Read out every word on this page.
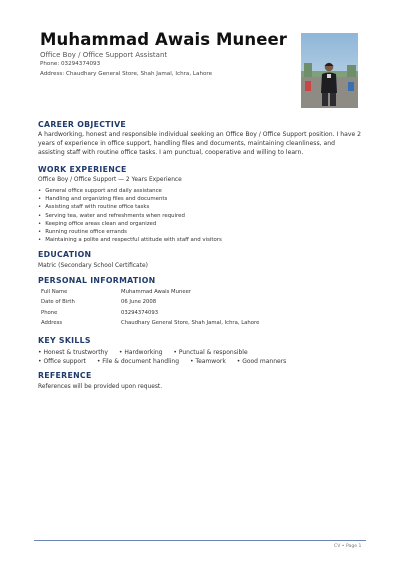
Muhammad Awais Muneer
Office Boy / Office Support Assistant
Phone: 03294374093
Address: Chaudhary General Store, Shah Jamal, Ichra, Lahore
CAREER OBJECTIVE
A hardworking, honest and responsible individual seeking an Office Boy / Office Support position. I have 2 years of experience in office support, handling files and documents, maintaining cleanliness, and assisting staff with routine office tasks. I am punctual, cooperative and willing to learn.
WORK EXPERIENCE
Office Boy / Office Support — 2 Years Experience
• General office support and daily assistance
• Handling and organizing files and documents
• Assisting staff with routine office tasks
• Serving tea, water and refreshments when required
• Keeping office areas clean and organized
• Running routine office errands
• Maintaining a polite and respectful attitude with staff and visitors
EDUCATION
Matric (Secondary School Certificate)
PERSONAL INFORMATION
Full Name	Muhammad Awais Muneer
Date of Birth	06 June 2008
Phone	03294374093
Address	Chaudhary General Store, Shah Jamal, Ichra, Lahore
KEY SKILLS
• Honest & trustworthy	• Hardworking	• Punctual & responsible
• Office support	• File & document handling	• Teamwork	• Good manners
REFERENCE
References will be provided upon request.
CV • Page 1
